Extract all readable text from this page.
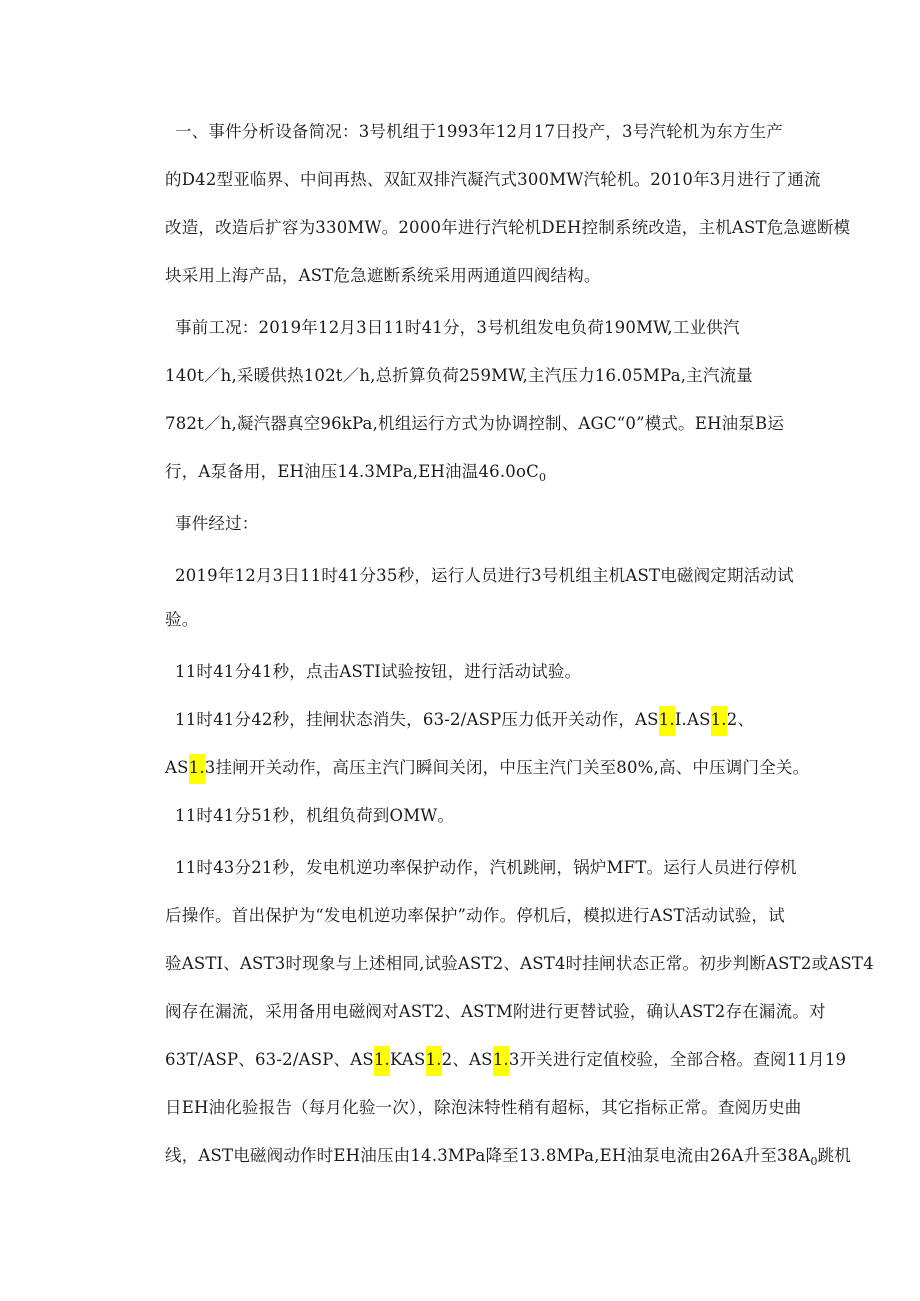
一、事件分析设备简况：3号机组于1993年12月17日投产，3号汽轮机为东方生产
的D42型亚临界、中间再热、双缸双排汽凝汽式300MW汽轮机。2010年3月进行了通流
改造，改造后扩容为330MW。2000年进行汽轮机DEH控制系统改造，主机AST危急遮断模
块采用上海产品，AST危急遮断系统采用两通道四阀结构。
事前工况：2019年12月3日11时41分，3号机组发电负荷190MW,工业供汽
140t／h,采暖供热102t／h,总折算负荷259MW,主汽压力16.05MPa,主汽流量
782t／h,凝汽器真空96kPa,机组运行方式为协调控制、AGC“0”模式。EH油泵B运
行，A泵备用，EH油压14.3MPa,EH油温$46.0oC_0$
事件经过：
2019年12月3日11时41分35秒，运行人员进行3号机组主机AST电磁阀定期活动试
验。
11时41分41秒，点击ASTI试验按钮，进行活动试验。
11时41分42秒，挂闸状态消失，63-2/ASP压力低开关动作，AS1.I.AS1.2、
AS1.3挂闸开关动作，高压主汽门瞬间关闭，中压主汽门关至80%,高、中压调门全关。
11时41分51秒，机组负荷到OMW。
11时43分21秒，发电机逆功率保护动作，汽机跳闸，锅炉MFT。运行人员进行停机
后操作。首出保护为“发电机逆功率保护”动作。停机后，模拟进行AST活动试验，试
验ASTI、AST3时现象与上述相同,试验AST2、AST4时挂闸状态正常。初步判断AST2或AST4
阀存在漏流，采用备用电磁阀对AST2、ASTM附进行更替试验，确认AST2存在漏流。对
63T/ASP、63-2/ASP、AS1.KAS1.2、AS1.3开关进行定值校验，全部合格。查阅11月19
日EH油化验报告（每月化验一次），除泡沫特性稍有超标，其它指标正常。查阅历史曲
线，AST电磁阀动作时EH油压由14.3MPa降至13.8MPa,EH油泵电流由26A升至$38A_0$跳机
